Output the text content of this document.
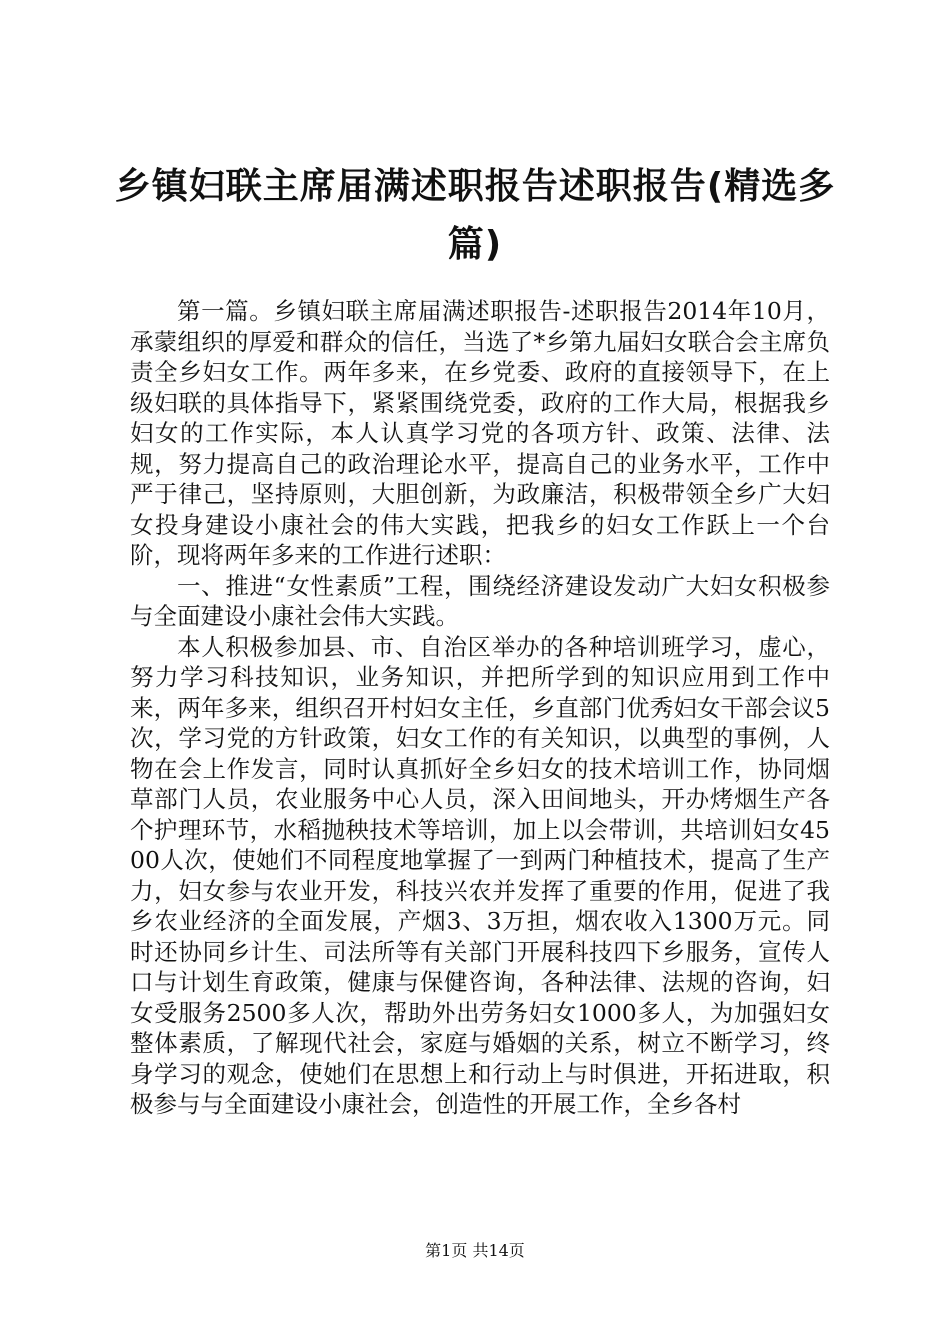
乡镇妇联主席届满述职报告述职报告(精选多篇)

第一篇。乡镇妇联主席届满述职报告-述职报告2014年10月，承蒙组织的厚爱和群众的信任，当选了*乡第九届妇女联合会主席负责全乡妇女工作。两年多来，在乡党委、政府的直接领导下，在上级妇联的具体指导下，紧紧围绕党委，政府的工作大局，根据我乡妇女的工作实际，本人认真学习党的各项方针、政策、法律、法规，努力提高自己的政治理论水平，提高自己的业务水平，工作中严于律己，坚持原则，大胆创新，为政廉洁，积极带领全乡广大妇女投身建设小康社会的伟大实践，把我乡的妇女工作跃上一个台阶，现将两年多来的工作进行述职：

一、推进“女性素质”工程，围绕经济建设发动广大妇女积极参与全面建设小康社会伟大实践。

本人积极参加县、市、自治区举办的各种培训班学习，虚心，努力学习科技知识，业务知识，并把所学到的知识应用到工作中来，两年多来，组织召开村妇女主任，乡直部门优秀妇女干部会议5次，学习党的方针政策，妇女工作的有关知识，以典型的事例，人物在会上作发言，同时认真抓好全乡妇女的技术培训工作，协同烟草部门人员，农业服务中心人员，深入田间地头，开办烤烟生产各个护理环节，水稻抛秧技术等培训，加上以会带训，共培训妇女4500人次，使她们不同程度地掌握了一到两门种植技术，提高了生产力，妇女参与农业开发，科技兴农并发挥了重要的作用，促进了我乡农业经济的全面发展，产烟3、3万担，烟农收入1300万元。同时还协同乡计生、司法所等有关部门开展科技四下乡服务，宣传人口与计划生育政策，健康与保健咨询，各种法律、法规的咨询，妇女受服务2500多人次，帮助外出劳务妇女1000多人，为加强妇女整体素质，了解现代社会，家庭与婚姻的关系，树立不断学习，终身学习的观念，使她们在思想上和行动上与时俱进，开拓进取，积极参与与全面建设小康社会，创造性的开展工作，全乡各村

第1页 共14页
